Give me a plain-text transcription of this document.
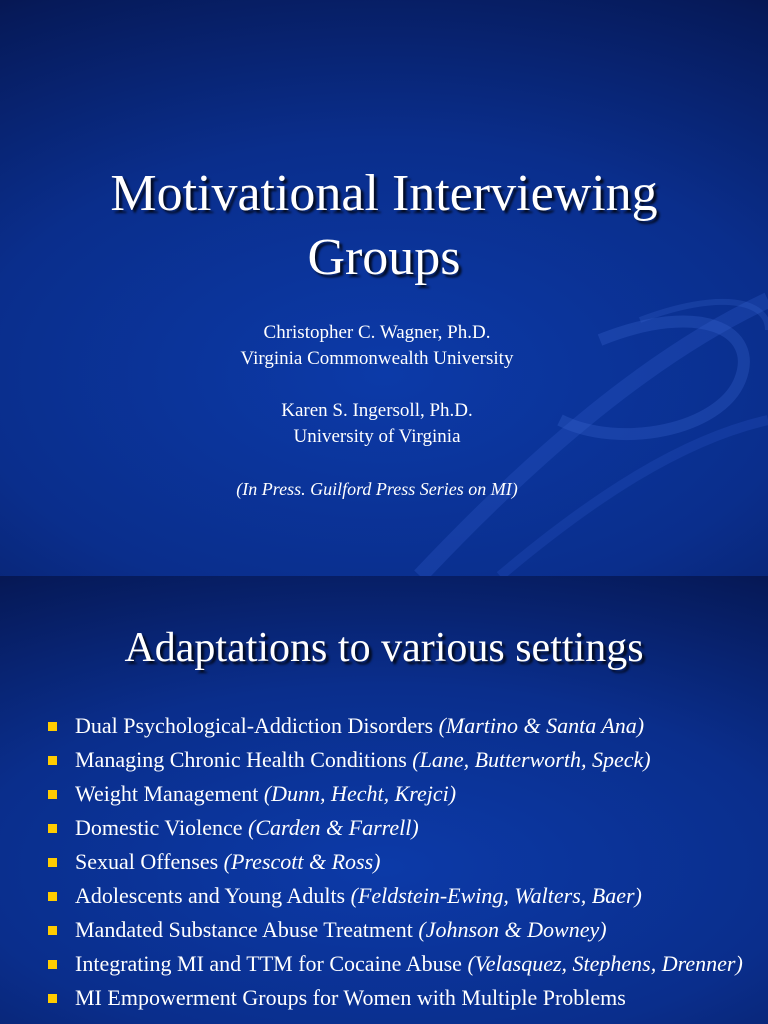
Motivational Interviewing
Groups
Christopher C. Wagner, Ph.D.
Virginia Commonwealth University
Karen S. Ingersoll, Ph.D.
University of Virginia
(In Press. Guilford Press Series on MI)
Adaptations to various settings
Dual Psychological-Addiction Disorders (Martino & Santa Ana)
Managing Chronic Health Conditions (Lane, Butterworth, Speck)
Weight Management (Dunn, Hecht, Krejci)
Domestic Violence (Carden & Farrell)
Sexual Offenses (Prescott & Ross)
Adolescents and Young Adults (Feldstein-Ewing, Walters, Baer)
Mandated Substance Abuse Treatment (Johnson & Downey)
Integrating MI and TTM for Cocaine Abuse (Velasquez, Stephens, Drenner)
MI Empowerment Groups for Women with Multiple Problems
